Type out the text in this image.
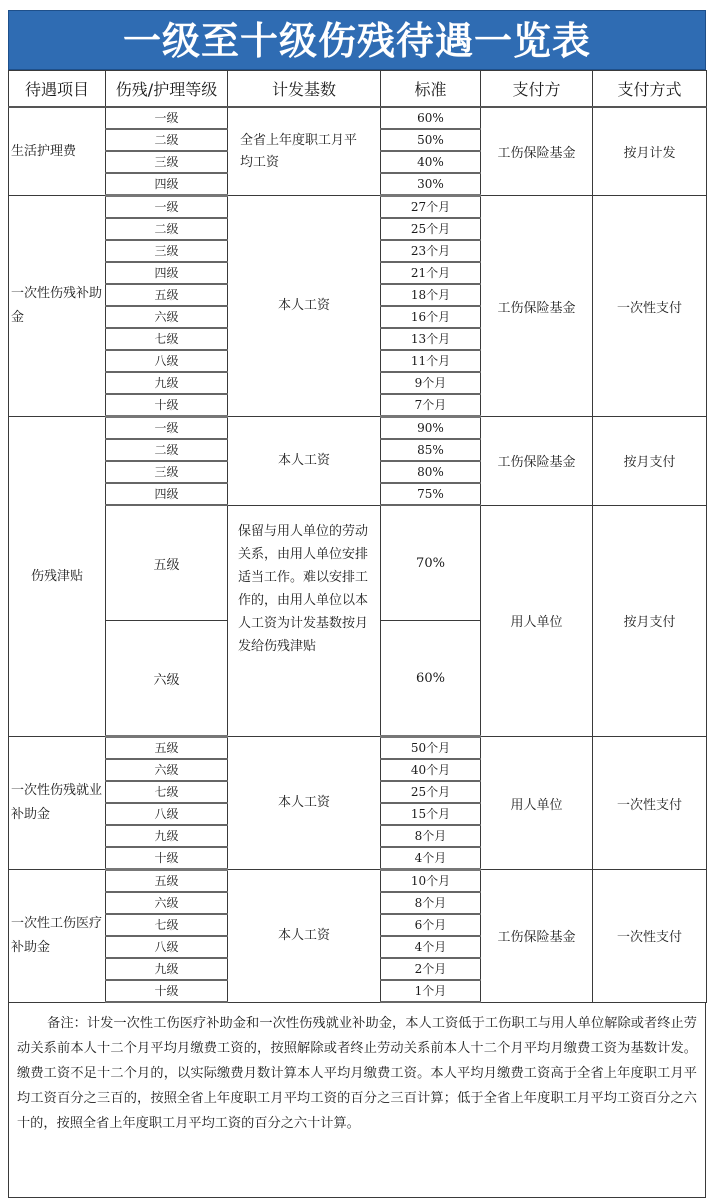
一级至十级伤残待遇一览表
待遇项目	伤残/护理等级	计发基数	标准	支付方	支付方式
生活护理费	一级	全省上年度职工月平均工资	60%	工伤保险基金	按月计发
	二级		50%		
	三级		40%		
	四级		30%		
一次性伤残补助金	一级	本人工资	27个月	工伤保险基金	一次性支付
	二级		25个月		
	三级		23个月		
	四级		21个月		
	五级		18个月		
	六级		16个月		
	七级		13个月		
	八级		11个月		
	九级		9个月		
	十级		7个月		
伤残津贴	一级	本人工资	90%	工伤保险基金	按月支付
	二级		85%		
	三级		80%		
	四级		75%		
	五级	保留与用人单位的劳动关系，由用人单位安排适当工作。难以安排工作的，由用人单位以本人工资为计发基数按月发给伤残津贴	70%	用人单位	按月支付
	六级		60%		
一次性伤残就业补助金	五级	本人工资	50个月	用人单位	一次性支付
	六级		40个月		
	七级		25个月		
	八级		15个月		
	九级		8个月		
	十级		4个月		
一次性工伤医疗补助金	五级	本人工资	10个月	工伤保险基金	一次性支付
	六级		8个月		
	七级		6个月		
	八级		4个月		
	九级		2个月		
	十级		1个月		
备注：计发一次性工伤医疗补助金和一次性伤残就业补助金，本人工资低于工伤职工与用人单位解除或者终止劳动关系前本人十二个月平均月缴费工资的，按照解除或者终止劳动关系前本人十二个月平均月缴费工资为基数计发。缴费工资不足十二个月的，以实际缴费月数计算本人平均月缴费工资。本人平均月缴费工资高于全省上年度职工月平均工资百分之三百的，按照全省上年度职工月平均工资的百分之三百计算；低于全省上年度职工月平均工资百分之六十的，按照全省上年度职工月平均工资的百分之六十计算。
